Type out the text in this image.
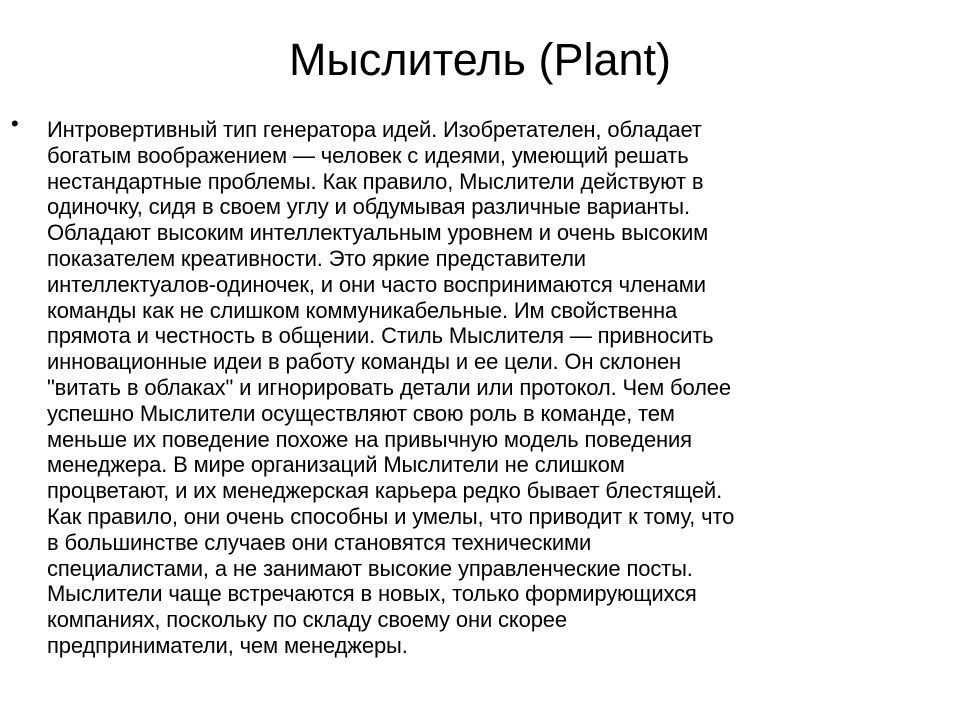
Мыслитель (Plant)
• Интровертивный тип генератора идей. Изобретателен, обладает
богатым воображением — человек с идеями, умеющий решать
нестандартные проблемы. Как правило, Мыслители действуют в
одиночку, сидя в своем углу и обдумывая различные варианты.
Обладают высоким интеллектуальным уровнем и очень высоким
показателем креативности. Это яркие представители
интеллектуалов-одиночек, и они часто воспринимаются членами
команды как не слишком коммуникабельные. Им свойственна
прямота и честность в общении. Стиль Мыслителя — привносить
инновационные идеи в работу команды и ее цели. Он склонен
"витать в облаках" и игнорировать детали или протокол. Чем более
успешно Мыслители осуществляют свою роль в команде, тем
меньше их поведение похоже на привычную модель поведения
менеджера. В мире организаций Мыслители не слишком
процветают, и их менеджерская карьера редко бывает блестящей.
Как правило, они очень способны и умелы, что приводит к тому, что
в большинстве случаев они становятся техническими
специалистами, а не занимают высокие управленческие посты.
Мыслители чаще встречаются в новых, только формирующихся
компаниях, поскольку по складу своему они скорее
предприниматели, чем менеджеры.
